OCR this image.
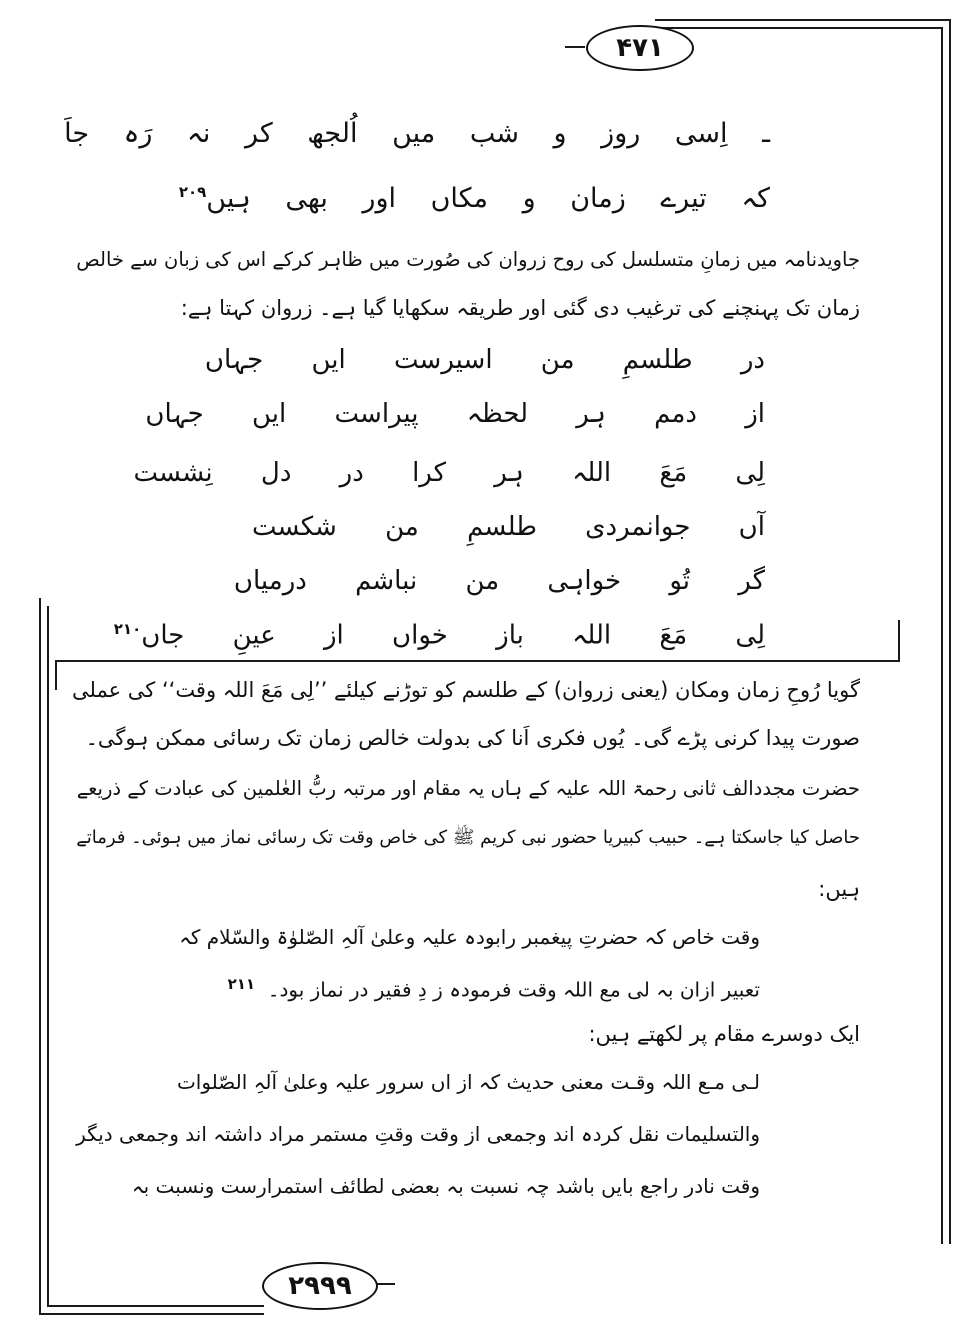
۴۷۱
۲۹۹۹
ـ اِسی روز و شب میں اُلجھ کر نہ رَہ جاَ
کہ تیرے زمان و مکاں اور بھی ہیں$^{۲۰۹}$
جاویدنامہ میں زمانِ متسلسل کی روح زروان کی صُورت میں ظاہر کرکے اس کی زبان سے خالص
زمان تک پہنچنے کی ترغیب دی گئی اور طریقہ سکھایا گیا ہے۔ زروان کہتا ہے:
در طلسمِ من اسیرست ایں جہاں
از دمم ہر لحظہ پیراست ایں جہاں
لِی مَعَ اللہ ہر کرا در دل نِشست
آں جوانمردی طلسمِ من شکست
گر تُو خواہی من نباشم درمیاں
لِی مَعَ اللہ باز خواں از عینِ جاں$^{۲۱۰}$
گویا رُوحِ زمان ومکان (یعنی زروان) کے طلسم کو توڑنے کیلئے ’’لِی مَعَ اللہ وقت‘‘ کی عملی
صورت پیدا کرنی پڑے گی۔ یُوں فکری اَنا کی بدولت خالص زمان تک رسائی ممکن ہوگی۔
حضرت مجددالف ثانی رحمۃ اللہ علیہ کے ہاں یہ مقام اور مرتبہ ربُّ العٰلمین کی عبادت کے ذریعے
حاصل کیا جاسکتا ہے۔ حبیب کبیریا حضور نبی کریم ﷺ کی خاص وقت تک رسائی نماز میں ہوئی۔ فرماتے
ہیں:
وقت خاص کہ حضرتِ پیغمبر رابودہ علیہ وعلیٰ آلہِ الصّلوٰۃ والسّلام کہ
تعبیر ازان بہ لی مع اللہ وقت فرمودہ ز دِ فقیر در نماز بود۔  $^{۲۱۱}$
ایک دوسرے مقام پر لکھتے ہیں:
لـی مـع اللہ وقـت معنی حدیث کہ از اں سرور علیہ وعلیٰ آلہِ الصّلوات
والتسلیمات نقل کردہ اند وجمعی از وقت وقتِ مستمر مراد داشتہ اند وجمعی دیگر
وقت نادر راجع بایں باشد چہ نسبت بہ بعضی لطائف استمرارست ونسبت بہ
